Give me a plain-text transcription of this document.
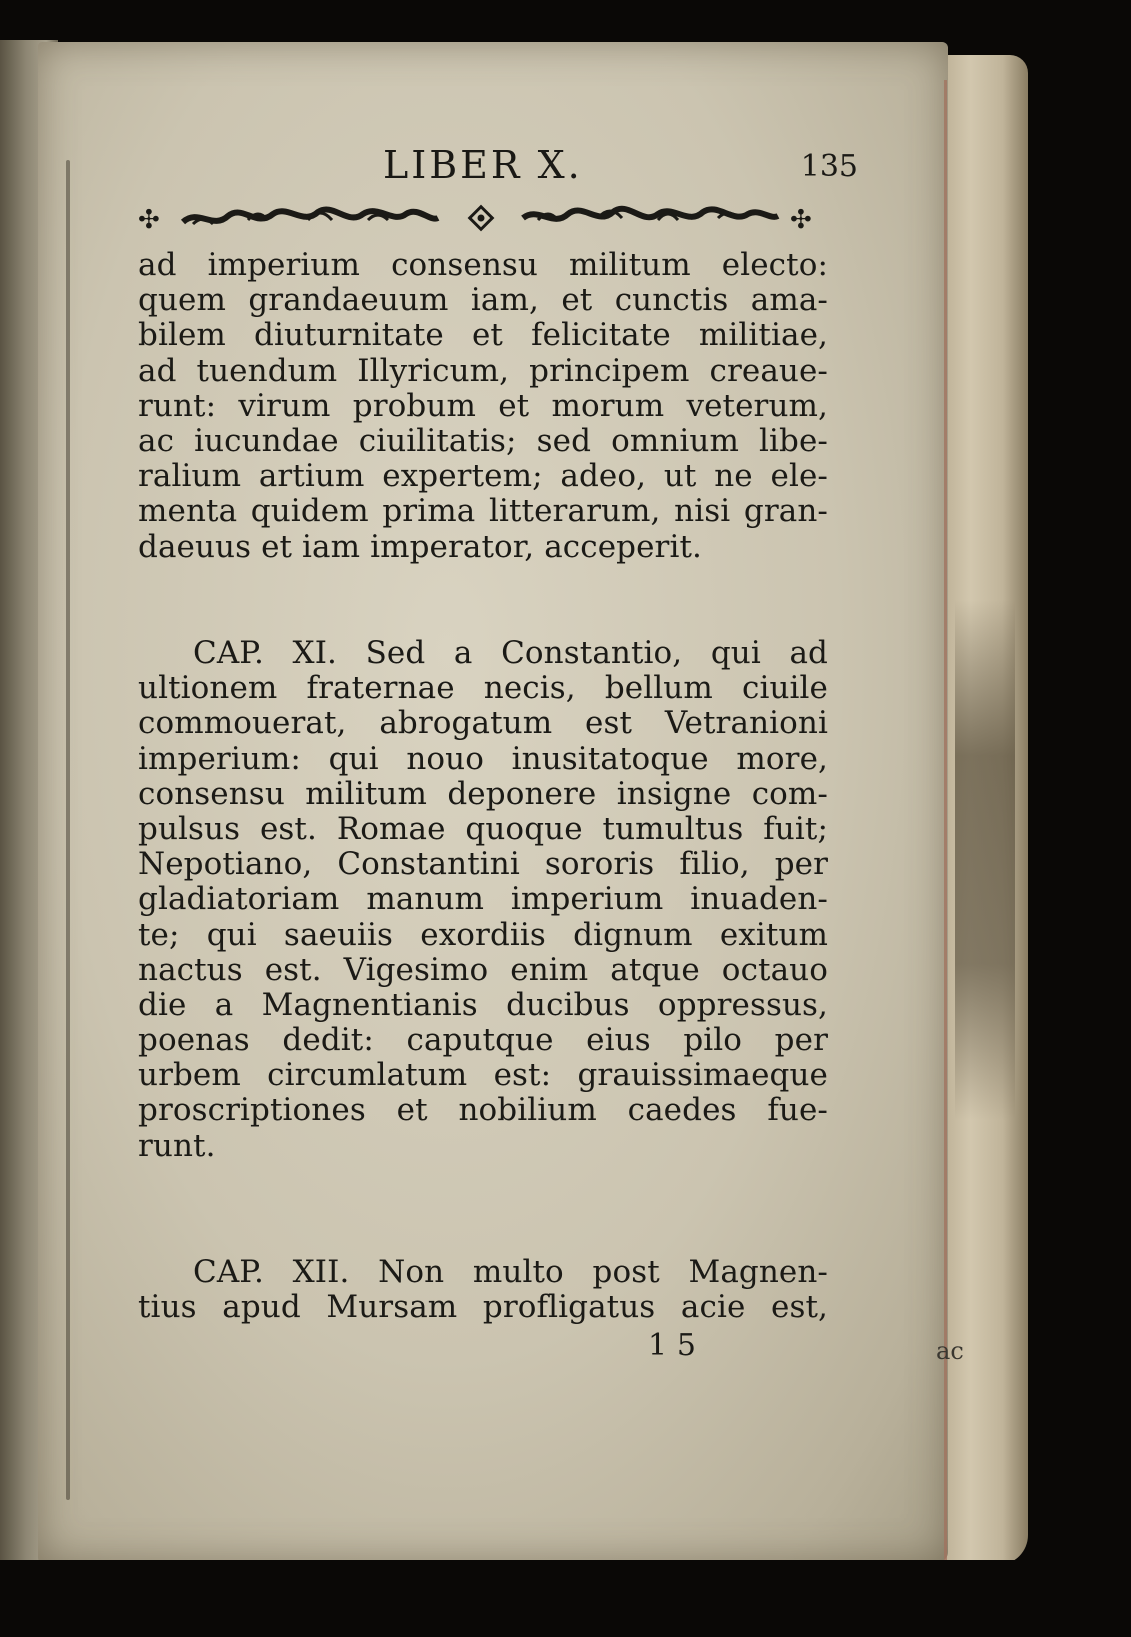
LIBER X.	135
✣	✣
ad imperium consensu militum electo:
quem grandaeuum iam, et cunctis ama-
bilem diuturnitate et felicitate militiae,
ad tuendum Illyricum, principem creaue-
runt: virum probum et morum veterum,
ac iucundae ciuilitatis; sed omnium libe-
ralium artium expertem; adeo, ut ne ele-
menta quidem prima litterarum, nisi gran-
daeuus et iam imperator, acceperit.
CAP. XI. Sed a Constantio, qui ad
ultionem fraternae necis, bellum ciuile
commouerat, abrogatum est Vetranioni
imperium: qui nouo inusitatoque more,
consensu militum deponere insigne com-
pulsus est. Romae quoque tumultus fuit;
Nepotiano, Constantini sororis filio, per
gladiatoriam manum imperium inuaden-
te; qui saeuiis exordiis dignum exitum
nactus est. Vigesimo enim atque octauo
die a Magnentianis ducibus oppressus,
poenas dedit: caputque eius pilo per
urbem circumlatum est: grauissimaeque
proscriptiones et nobilium caedes fue-
runt.
CAP. XII. Non multo post Magnen-
tius apud Mursam profligatus acie est,
1 5	ac
